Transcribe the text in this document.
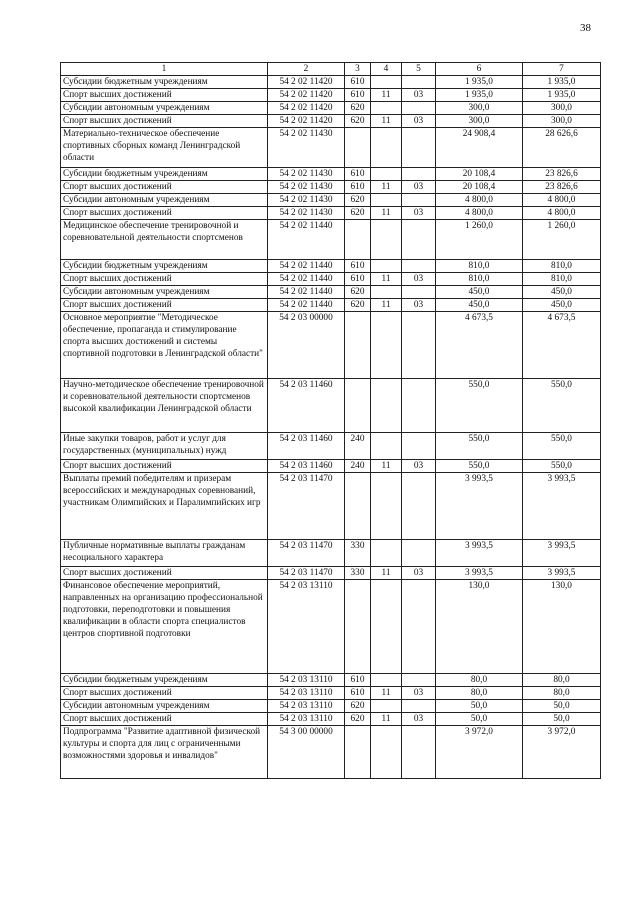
38
1	2	3	4	5	6	7
Субсидии бюджетным учреждениям	54 2 02 11420	610			1 935,0	1 935,0
Спорт высших достижений	54 2 02 11420	610	11	03	1 935,0	1 935,0
Субсидии автономным учреждениям	54 2 02 11420	620			300,0	300,0
Спорт высших достижений	54 2 02 11420	620	11	03	300,0	300,0
Материально-техническое обеспечение спортивных сборных команд Ленинградской области	54 2 02 11430				24 908,4	28 626,6
Субсидии бюджетным учреждениям	54 2 02 11430	610			20 108,4	23 826,6
Спорт высших достижений	54 2 02 11430	610	11	03	20 108,4	23 826,6
Субсидии автономным учреждениям	54 2 02 11430	620			4 800,0	4 800,0
Спорт высших достижений	54 2 02 11430	620	11	03	4 800,0	4 800,0
Медицинское обеспечение тренировочной и соревновательной деятельности спортсменов	54 2 02 11440				1 260,0	1 260,0
Субсидии бюджетным учреждениям	54 2 02 11440	610			810,0	810,0
Спорт высших достижений	54 2 02 11440	610	11	03	810,0	810,0
Субсидии автономным учреждениям	54 2 02 11440	620			450,0	450,0
Спорт высших достижений	54 2 02 11440	620	11	03	450,0	450,0
Основное мероприятие "Методическое обеспечение, пропаганда и стимулирование спорта высших достижений и системы спортивной подготовки в Ленинградской области"	54 2 03 00000				4 673,5	4 673,5
Научно-методическое обеспечение тренировочной и соревновательной деятельности спортсменов высокой квалификации Ленинградской области	54 2 03 11460				550,0	550,0
Иные закупки товаров, работ и услуг для государственных (муниципальных) нужд	54 2 03 11460	240			550,0	550,0
Спорт высших достижений	54 2 03 11460	240	11	03	550,0	550,0
Выплаты премий победителям и призерам всероссийских и международных соревнований, участникам Олимпийских и Паралимпийских игр	54 2 03 11470				3 993,5	3 993,5
Публичные нормативные выплаты гражданам несоциального характера	54 2 03 11470	330			3 993,5	3 993,5
Спорт высших достижений	54 2 03 11470	330	11	03	3 993,5	3 993,5
Финансовое обеспечение мероприятий, направленных на организацию профессиональной подготовки, переподготовки и повышения квалификации в области спорта специалистов центров спортивной подготовки	54 2 03 13110				130,0	130,0
Субсидии бюджетным учреждениям	54 2 03 13110	610			80,0	80,0
Спорт высших достижений	54 2 03 13110	610	11	03	80,0	80,0
Субсидии автономным учреждениям	54 2 03 13110	620			50,0	50,0
Спорт высших достижений	54 2 03 13110	620	11	03	50,0	50,0
Подпрограмма "Развитие адаптивной физической культуры и спорта для лиц с ограниченными возможностями здоровья и инвалидов"	54 3 00 00000				3 972,0	3 972,0
